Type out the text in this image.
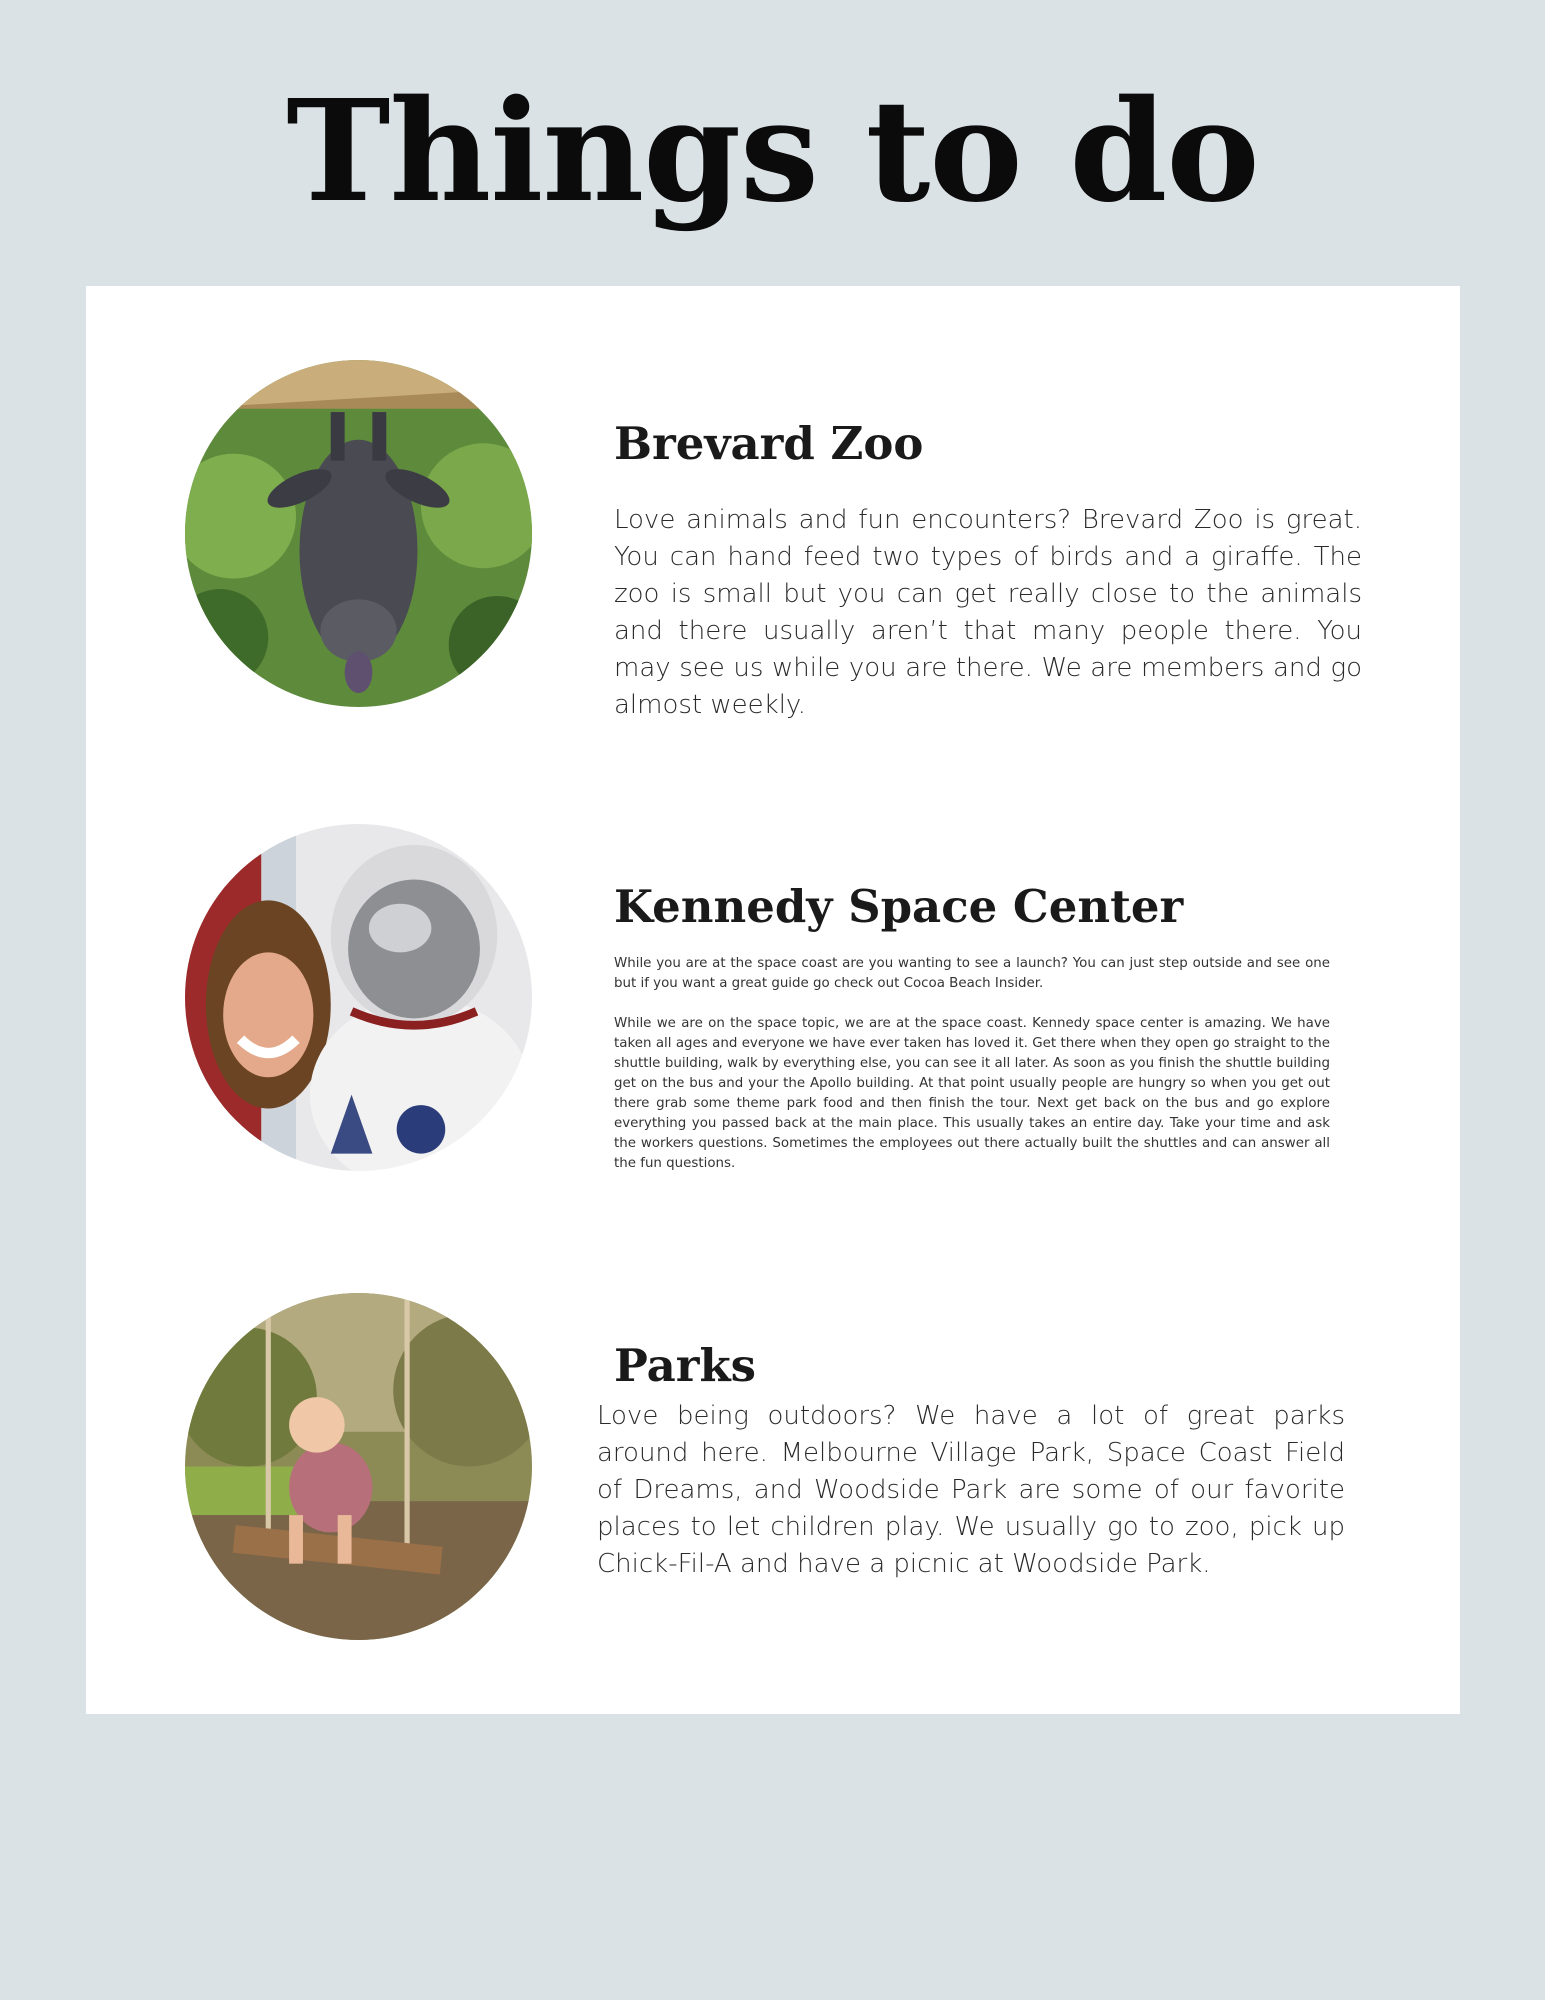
Things to do
Brevard Zoo

Love animals and fun encounters? Brevard Zoo is great. You can hand feed two types of birds and a giraffe. The zoo is small but you can get really close to the animals and there usually aren’t that many people there. You may see us while you are there. We are members and go almost weekly.

Kennedy Space Center

While you are at the space coast are you wanting to see a launch? You can just step outside and see one but if you want a great guide go check out Cocoa Beach Insider.

While we are on the space topic, we are at the space coast. Kennedy space center is amazing. We have taken all ages and everyone we have ever taken has loved it. Get there when they open go straight to the shuttle building, walk by everything else, you can see it all later. As soon as you finish the shuttle building get on the bus and your the Apollo building. At that point usually people are hungry so when you get out there grab some theme park food and then finish the tour. Next get back on the bus and go explore everything you passed back at the main place. This usually takes an entire day. Take your time and ask the workers questions. Sometimes the employees out there actually built the shuttles and can answer all the fun questions.

Parks

Love being outdoors? We have a lot of great parks around here. Melbourne Village Park, Space Coast Field of Dreams, and Woodside Park are some of our favorite places to let children play. We usually go to zoo, pick up Chick-Fil-A and have a picnic at Woodside Park.
